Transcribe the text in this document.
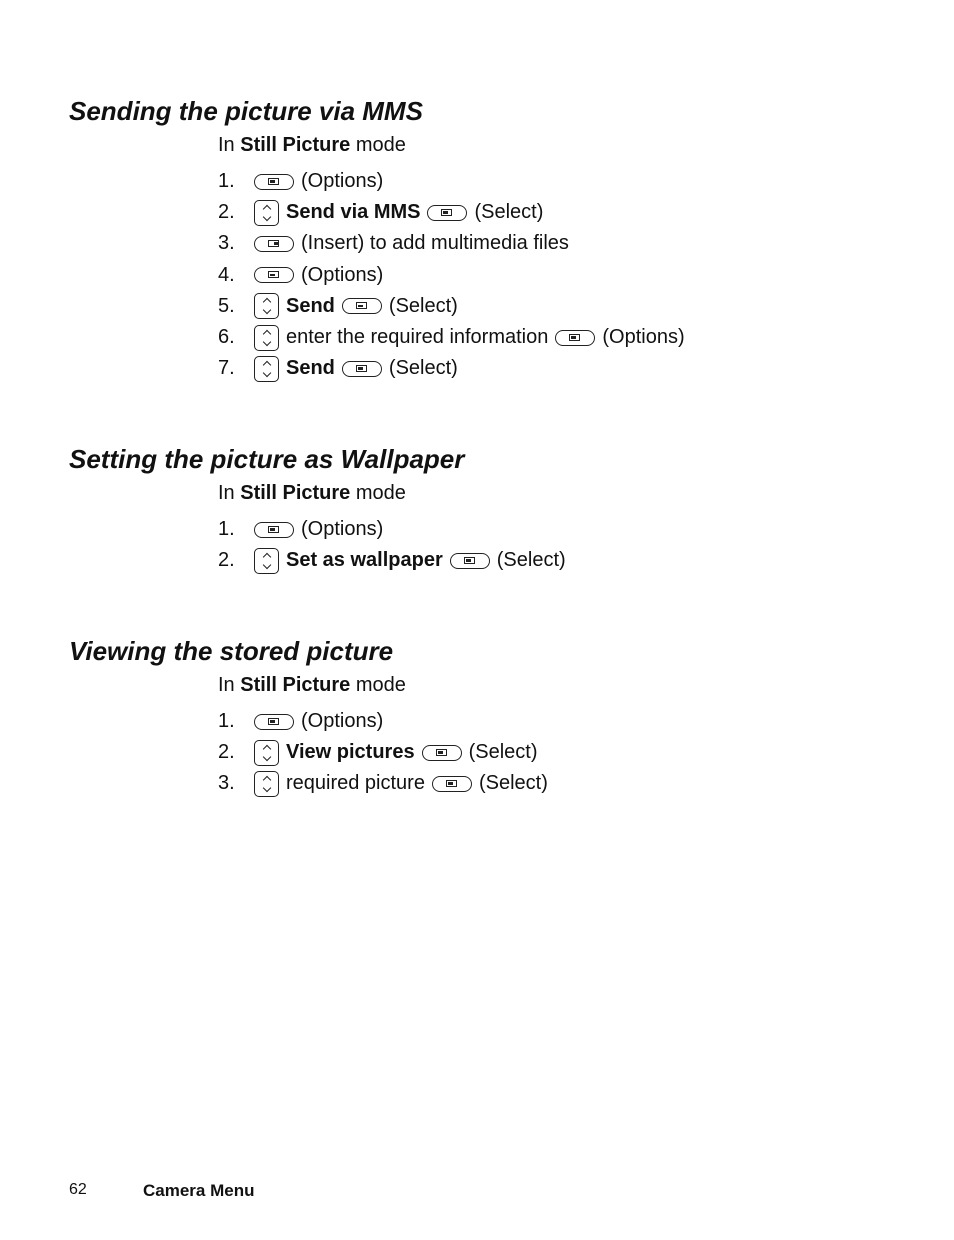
Sending the picture via MMS
In Still Picture mode
1.	(Options)
2.	Send via MMS	(Select)
3.	(Insert) to add multimedia files
4.	(Options)
5.	Send	(Select)
6.	enter the required information	(Options)
7.	Send	(Select)
Setting the picture as Wallpaper
In Still Picture mode
1.	(Options)
2.	Set as wallpaper	(Select)
Viewing the stored picture
In Still Picture mode
1.	(Options)
2.	View pictures	(Select)
3.	required picture	(Select)
62	Camera Menu
